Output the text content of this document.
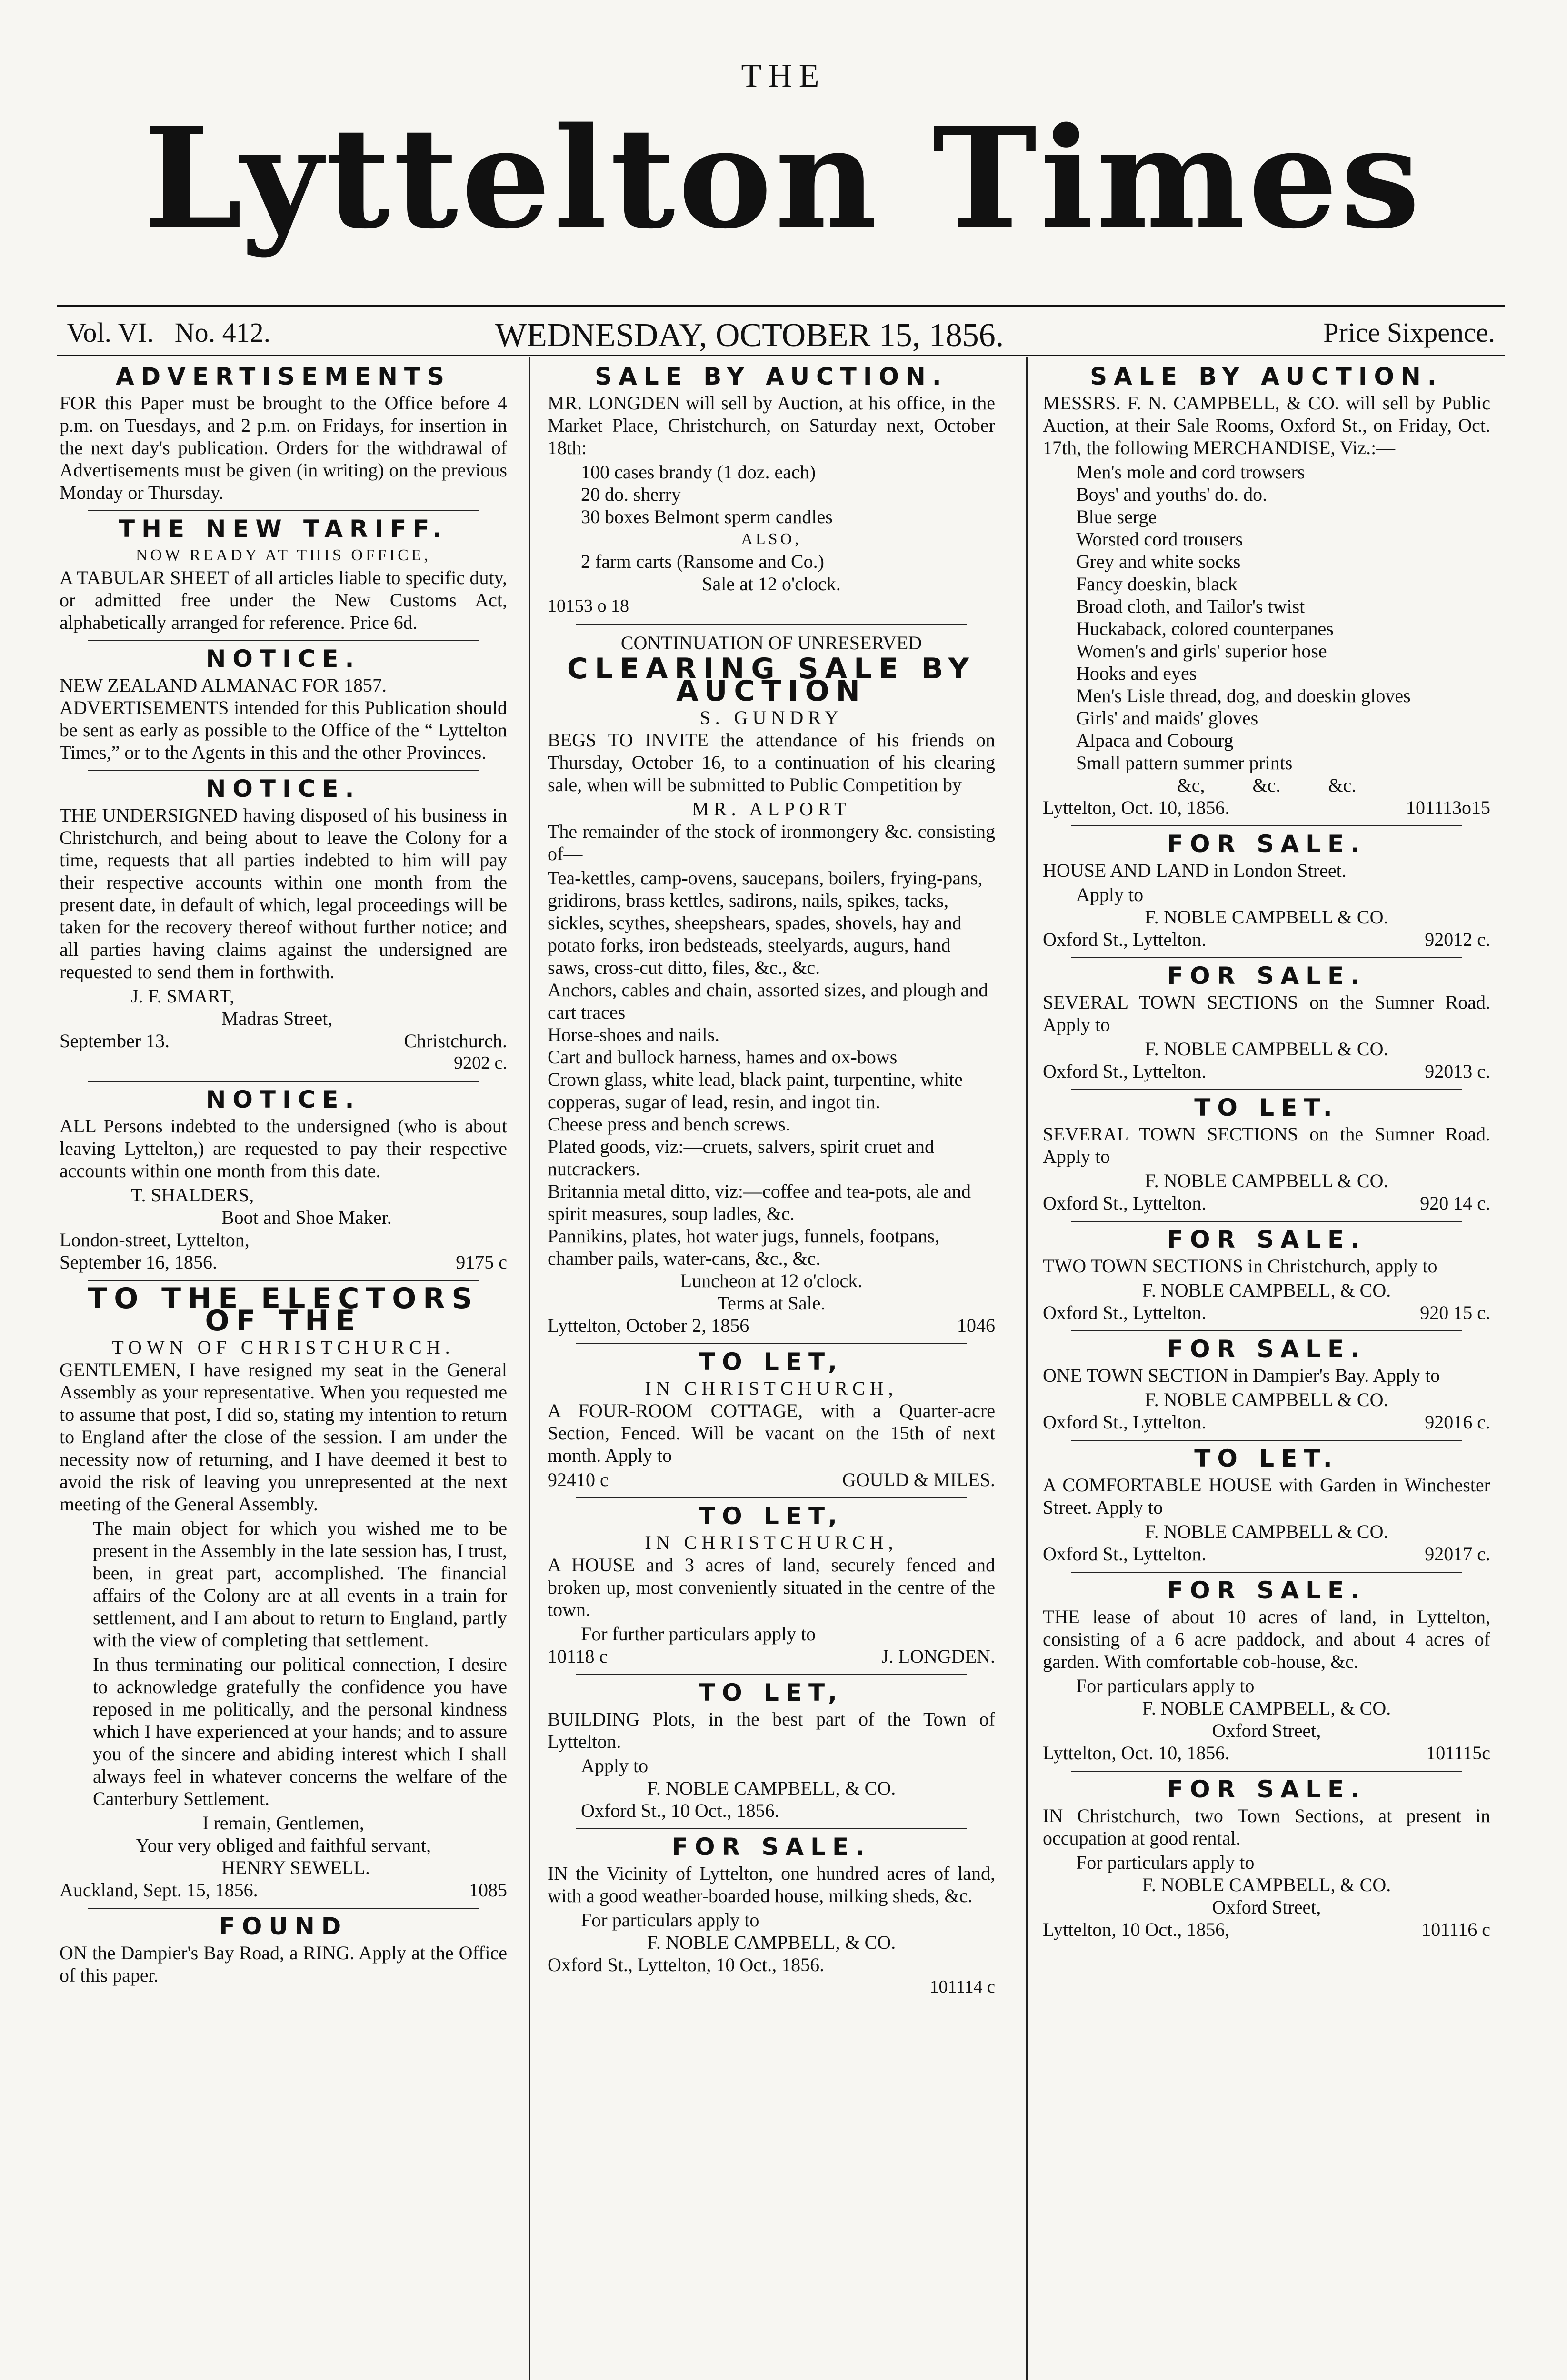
THE
Lyttelton Times
Vol. VI. No. 412.	WEDNESDAY, OCTOBER 15, 1856.	Price Sixpence.
ADVERTISEMENTS

FOR this Paper must be brought to the Office before 4 p.m. on Tuesdays, and 2 p.m. on Fridays, for insertion in the next day's publication. Orders for the withdrawal of Advertisements must be given (in writing) on the previous Monday or Thursday.

THE NEW TARIFF.
NOW READY AT THIS OFFICE,

A TABULAR SHEET of all articles liable to specific duty, or admitted free under the New Customs Act, alphabetically arranged for reference. Price 6d.

NOTICE.
NEW ZEALAND ALMANAC FOR 1857.

ADVERTISEMENTS intended for this Publication should be sent as early as possible to the Office of the “ Lyttelton Times,” or to the Agents in this and the other Provinces.

NOTICE.

THE UNDERSIGNED having disposed of his business in Christchurch, and being about to leave the Colony for a time, requests that all parties indebted to him will pay their respective accounts within one month from the present date, in default of which, legal proceedings will be taken for the recovery thereof without further notice; and all parties having claims against the undersigned are requested to send them in forthwith.

J. F. SMART,
Madras Street,
September 13.	Christchurch.
9202 c.
NOTICE.

ALL Persons indebted to the undersigned (who is about leaving Lyttelton,) are requested to pay their respective accounts within one month from this date.

T. SHALDERS,
Boot and Shoe Maker.
London-street, Lyttelton,
September 16, 1856.	9175 c
TO THE ELECTORS OF THE
TOWN OF CHRISTCHURCH.

GENTLEMEN, I have resigned my seat in the General Assembly as your representative. When you requested me to assume that post, I did so, stating my intention to return to England after the close of the session. I am under the necessity now of returning, and I have deemed it best to avoid the risk of leaving you unrepresented at the next meeting of the General Assembly.

The main object for which you wished me to be present in the Assembly in the late session has, I trust, been, in great part, accomplished. The financial affairs of the Colony are at all events in a train for settlement, and I am about to return to England, partly with the view of completing that settlement.

In thus terminating our political connection, I desire to acknowledge gratefully the confidence you have reposed in me politically, and the personal kindness which I have experienced at your hands; and to assure you of the sincere and abiding interest which I shall always feel in whatever concerns the welfare of the Canterbury Settlement.

I remain, Gentlemen,
Your very obliged and faithful servant,
HENRY SEWELL.
Auckland, Sept. 15, 1856.	1085
FOUND

ON the Dampier's Bay Road, a RING. Apply at the Office of this paper.

SALE BY AUCTION.

MR. LONGDEN will sell by Auction, at his office, in the Market Place, Christchurch, on Saturday next, October 18th:

100 cases brandy (1 doz. each)

20 do. sherry

30 boxes Belmont sperm candles

ALSO,
2 farm carts (Ransome and Co.)
Sale at 12 o'clock.
10153 o 18
CONTINUATION OF UNRESERVED
CLEARING SALE BY AUCTION
S. GUNDRY

BEGS TO INVITE the attendance of his friends on Thursday, October 16, to a continuation of his clearing sale, when will be submitted to Public Competition by

MR. ALPORT

The remainder of the stock of ironmongery &c. consisting of—

Tea-kettles, camp-ovens, saucepans, boilers, frying-pans, gridirons, brass kettles, sadirons, nails, spikes, tacks, sickles, scythes, sheepshears, spades, shovels, hay and potato forks, iron bedsteads, steelyards, augurs, hand saws, cross-cut ditto, files, &c., &c.

Anchors, cables and chain, assorted sizes, and plough and cart traces

Horse-shoes and nails.

Cart and bullock harness, hames and ox-bows

Crown glass, white lead, black paint, turpentine, white copperas, sugar of lead, resin, and ingot tin.

Cheese press and bench screws.

Plated goods, viz:—cruets, salvers, spirit cruet and nutcrackers.

Britannia metal ditto, viz:—coffee and tea-pots, ale and spirit measures, soup ladles, &c.

Pannikins, plates, hot water jugs, funnels, footpans, chamber pails, water-cans, &c., &c.

Luncheon at 12 o'clock.
Terms at Sale.
Lyttelton, October 2, 1856	1046
TO LET,
IN CHRISTCHURCH,

A FOUR-ROOM COTTAGE, with a Quarter-acre Section, Fenced. Will be vacant on the 15th of next month. Apply to

92410 c	GOULD & MILES.
TO LET,
IN CHRISTCHURCH,

A HOUSE and 3 acres of land, securely fenced and broken up, most conveniently situated in the centre of the town.

For further particulars apply to
10118 c	J. LONGDEN.
TO LET,

BUILDING Plots, in the best part of the Town of Lyttelton.

Apply to
F. NOBLE CAMPBELL, & CO.
Oxford St., 10 Oct., 1856.
FOR SALE.

IN the Vicinity of Lyttelton, one hundred acres of land, with a good weather-boarded house, milking sheds, &c.

For particulars apply to
F. NOBLE CAMPBELL, & CO.
Oxford St., Lyttelton, 10 Oct., 1856.
101114 c
SALE BY AUCTION.

MESSRS. F. N. CAMPBELL, & CO. will sell by Public Auction, at their Sale Rooms, Oxford St., on Friday, Oct. 17th, the following MERCHANDISE, Viz.:—

Men's mole and cord trowsers

Boys' and youths' do. do.

Blue serge

Worsted cord trousers

Grey and white socks

Fancy doeskin, black

Broad cloth, and Tailor's twist

Huckaback, colored counterpanes

Women's and girls' superior hose

Hooks and eyes

Men's Lisle thread, dog, and doeskin gloves

Girls' and maids' gloves

Alpaca and Cobourg

Small pattern summer prints

&c,          &c.          &c.
Lyttelton, Oct. 10, 1856.	101113o15
FOR SALE.

HOUSE AND LAND in London Street.

Apply to
F. NOBLE CAMPBELL & CO.
Oxford St., Lyttelton.	92012 c.
FOR SALE.

SEVERAL TOWN SECTIONS on the Sumner Road. Apply to

F. NOBLE CAMPBELL & CO.
Oxford St., Lyttelton.	92013 c.
TO LET.

SEVERAL TOWN SECTIONS on the Sumner Road. Apply to

F. NOBLE CAMPBELL & CO.
Oxford St., Lyttelton.	920 14 c.
FOR SALE.

TWO TOWN SECTIONS in Christchurch, apply to

F. NOBLE CAMPBELL, & CO.
Oxford St., Lyttelton.	920 15 c.
FOR SALE.

ONE TOWN SECTION in Dampier's Bay. Apply to

F. NOBLE CAMPBELL & CO.
Oxford St., Lyttelton.	92016 c.
TO LET.

A COMFORTABLE HOUSE with Garden in Winchester Street. Apply to

F. NOBLE CAMPBELL & CO.
Oxford St., Lyttelton.	92017 c.
FOR SALE.

THE lease of about 10 acres of land, in Lyttelton, consisting of a 6 acre paddock, and about 4 acres of garden. With comfortable cob-house, &c.

For particulars apply to
F. NOBLE CAMPBELL, & CO.
Oxford Street,
Lyttelton, Oct. 10, 1856.	101115c
FOR SALE.

IN Christchurch, two Town Sections, at present in occupation at good rental.

For particulars apply to
F. NOBLE CAMPBELL, & CO.
Oxford Street,
Lyttelton, 10 Oct., 1856,	101116 c
